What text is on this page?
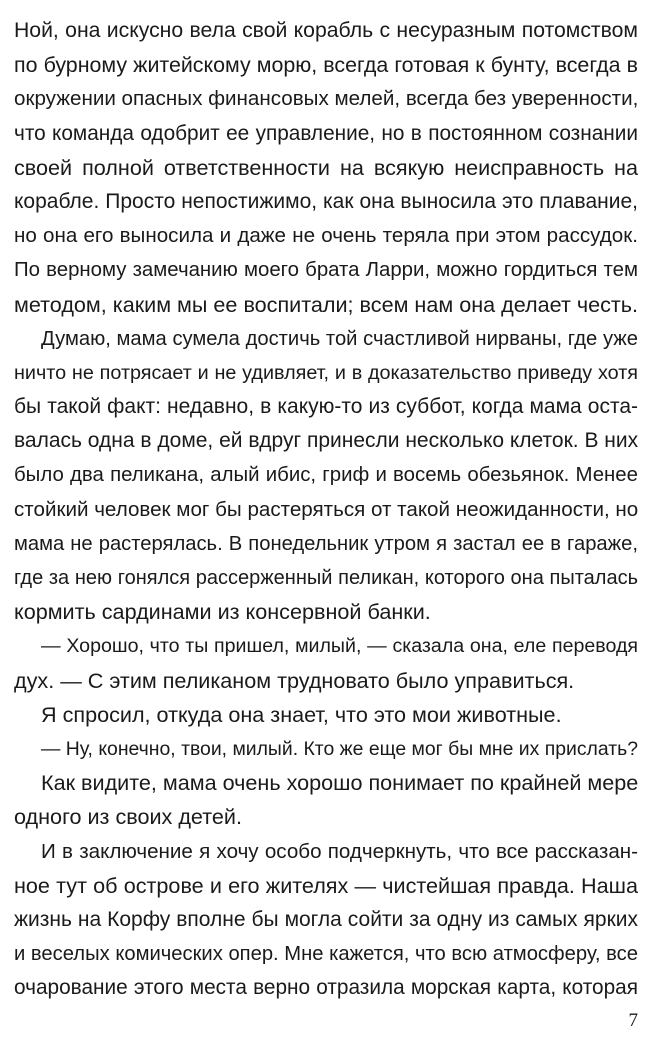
Ной, она искусно вела свой корабль с несуразным потомством
по бурному житейскому морю, всегда готовая к бунту, всегда в
окружении опасных финансовых мелей, всегда без уверенности,
что команда одобрит ее управление, но в постоянном сознании
своей полной ответственности на всякую неисправность на
корабле. Просто непостижимо, как она выносила это плавание,
но она его выносила и даже не очень теряла при этом рассудок.
По верному замечанию моего брата Ларри, можно гордиться тем
методом, каким мы ее воспитали; всем нам она делает честь.
Думаю, мама сумела достичь той счастливой нирваны, где уже
ничто не потрясает и не удивляет, и в доказательство приведу хотя
бы такой факт: недавно, в какую-то из суббот, когда мама оста-
валась одна в доме, ей вдруг принесли несколько клеток. В них
было два пеликана, алый ибис, гриф и восемь обезьянок. Менее
стойкий человек мог бы растеряться от такой неожиданности, но
мама не растерялась. В понедельник утром я застал ее в гараже,
где за нею гонялся рассерженный пеликан, которого она пыталась
кормить сардинами из консервной банки.
— Хорошо, что ты пришел, милый, — сказала она, еле переводя
дух. — С этим пеликаном трудновато было управиться.
Я спросил, откуда она знает, что это мои животные.
— Ну, конечно, твои, милый. Кто же еще мог бы мне их прислать?
Как видите, мама очень хорошо понимает по крайней мере
одного из своих детей.
И в заключение я хочу особо подчеркнуть, что все рассказан-
ное тут об острове и его жителях — чистейшая правда. Наша
жизнь на Корфу вполне бы могла сойти за одну из самых ярких
и веселых комических опер. Мне кажется, что всю атмосферу, все
очарование этого места верно отразила морская карта, которая
7
